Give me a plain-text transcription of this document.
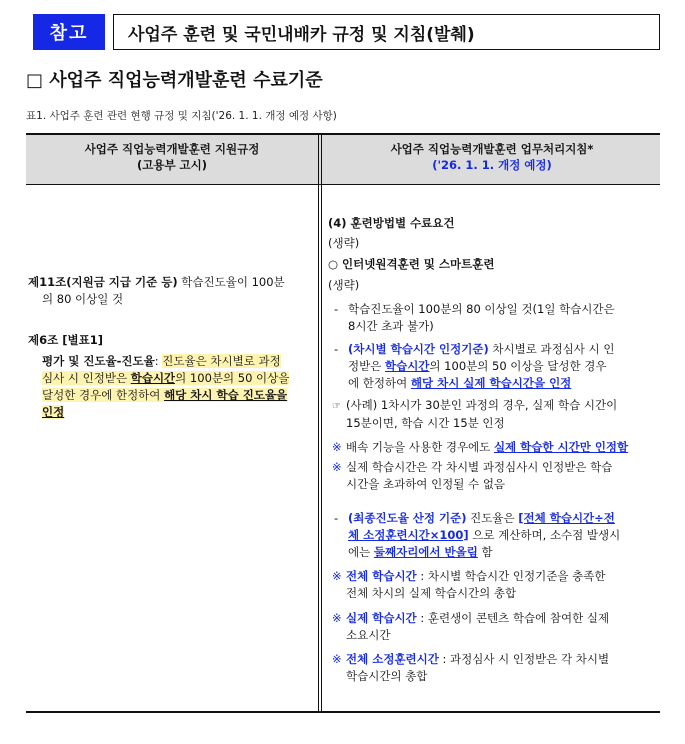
참고	사업주 훈련 및 국민내배카 규정 및 지침(발췌)
□ 사업주 직업능력개발훈련 수료기준
표1. 사업주 훈련 관련 현행 규정 및 지침('26. 1. 1. 개정 예정 사항)
사업주 직업능력개발훈련 지원규정
(고용부 고시)
사업주 직업능력개발훈련 업무처리지침*
('26. 1. 1. 개정 예정)
제11조(지원금 지급 기준 등) 학습진도율이 100분
의 80 이상일 것
제6조 [별표1]
평가 및 진도율-진도율: 진도율은 차시별로 과정
심사 시 인정받은 학습시간의 100분의 50 이상을
달성한 경우에 한정하여 해당 차시 학습 진도율을
인정
(4) 훈련방법별 수료요건
(생략)
○ 인터넷원격훈련 및 스마트훈련
(생략)
- 학습진도율이 100분의 80 이상일 것(1일 학습시간은
8시간 초과 불가)
- (차시별 학습시간 인정기준) 차시별로 과정심사 시 인
정받은 학습시간의 100분의 50 이상을 달성한 경우
에 한정하여 해당 차시 실제 학습시간을 인정
☞ (사례) 1차시가 30분인 과정의 경우, 실제 학습 시간이
15분이면, 학습 시간 15분 인정
※ 배속 기능을 사용한 경우에도 실제 학습한 시간만 인정함
※ 실제 학습시간은 각 차시별 과정심사시 인정받은 학습
시간을 초과하여 인정될 수 없음
- (최종진도율 산정 기준) 진도율은 [전체 학습시간÷전
체 소정훈련시간×100] 으로 계산하며, 소수점 발생시
에는 둘째자리에서 반올림 함
※ 전체 학습시간 : 차시별 학습시간 인정기준을 충족한
전체 차시의 실제 학습시간의 총합
※ 실제 학습시간 : 훈련생이 콘텐츠 학습에 참여한 실제
소요시간
※ 전체 소정훈련시간 : 과정심사 시 인정받은 각 차시별
학습시간의 총합
